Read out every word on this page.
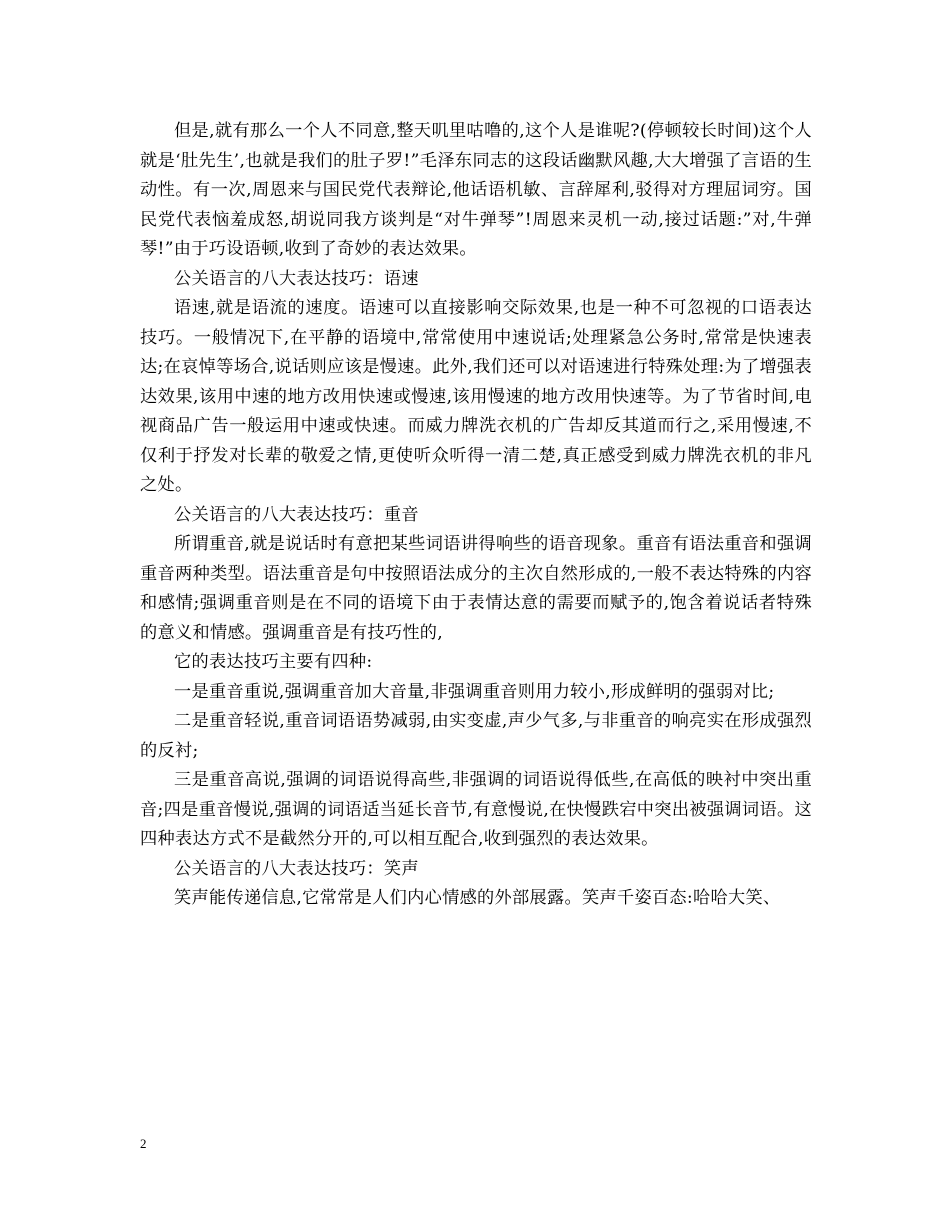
但是,就有那么一个人不同意,整天叽里咕噜的,这个人是谁呢?(停顿较长时间)这个人就是‘肚先生’,也就是我们的肚子罗!”毛泽东同志的这段话幽默风趣,大大增强了言语的生动性。有一次,周恩来与国民党代表辩论,他话语机敏、言辞犀利,驳得对方理屈词穷。国民党代表恼羞成怒,胡说同我方谈判是“对牛弹琴”!周恩来灵机一动,接过话题:”对,牛弹琴!”由于巧设语顿,收到了奇妙的表达效果。

公关语言的八大表达技巧：语速

语速,就是语流的速度。语速可以直接影响交际效果,也是一种不可忽视的口语表达技巧。一般情况下,在平静的语境中,常常使用中速说话;处理紧急公务时,常常是快速表达;在哀悼等场合,说话则应该是慢速。此外,我们还可以对语速进行特殊处理:为了增强表达效果,该用中速的地方改用快速或慢速,该用慢速的地方改用快速等。为了节省时间,电视商品广告一般运用中速或快速。而威力牌洗衣机的广告却反其道而行之,采用慢速,不仅利于抒发对长辈的敬爱之情,更使听众听得一清二楚,真正感受到威力牌洗衣机的非凡之处。

公关语言的八大表达技巧：重音

所谓重音,就是说话时有意把某些词语讲得响些的语音现象。重音有语法重音和强调重音两种类型。语法重音是句中按照语法成分的主次自然形成的,一般不表达特殊的内容和感情;强调重音则是在不同的语境下由于表情达意的需要而赋予的,饱含着说话者特殊的意义和情感。强调重音是有技巧性的,

它的表达技巧主要有四种:

一是重音重说,强调重音加大音量,非强调重音则用力较小,形成鲜明的强弱对比;

二是重音轻说,重音词语语势减弱,由实变虚,声少气多,与非重音的响亮实在形成强烈的反衬;

三是重音高说,强调的词语说得高些,非强调的词语说得低些,在高低的映衬中突出重音;四是重音慢说,强调的词语适当延长音节,有意慢说,在快慢跌宕中突出被强调词语。这四种表达方式不是截然分开的,可以相互配合,收到强烈的表达效果。

公关语言的八大表达技巧：笑声

笑声能传递信息,它常常是人们内心情感的外部展露。笑声千姿百态:哈哈大笑、

2
